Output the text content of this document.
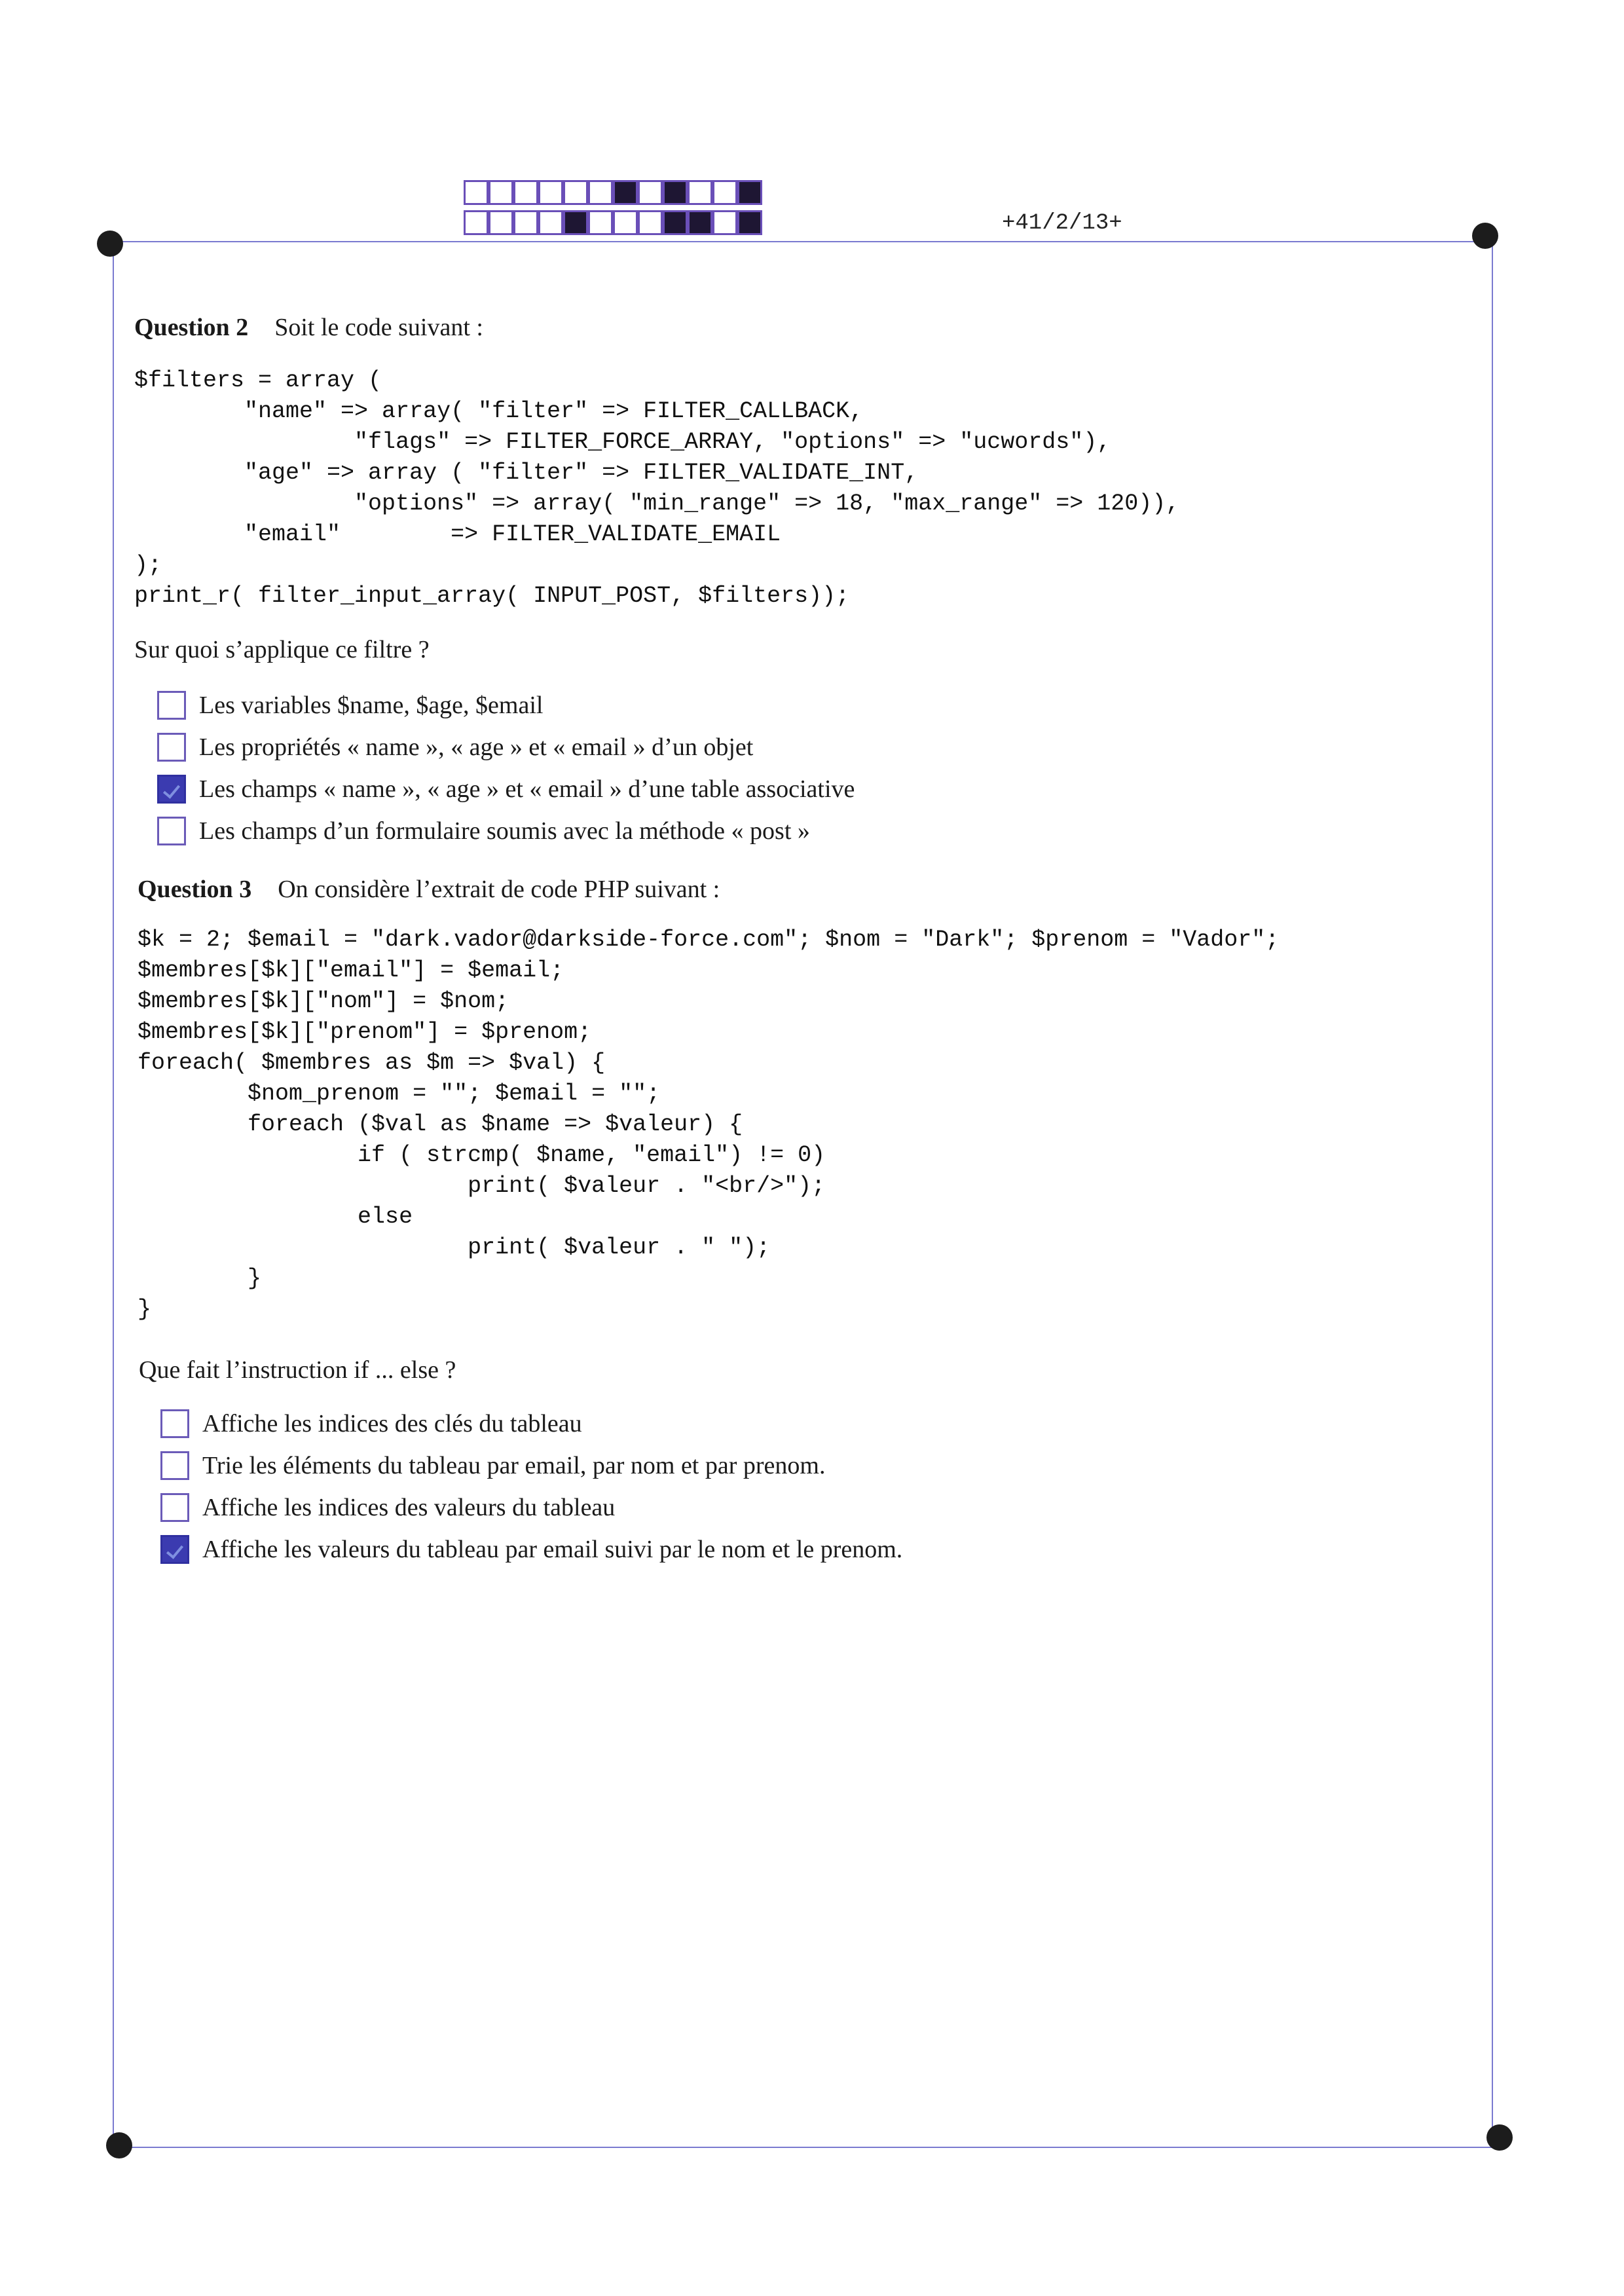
+41/2/13+
Question 2 Soit le code suivant :
$filters = array (
"name" => array( "filter" => FILTER_CALLBACK,
"flags" => FILTER_FORCE_ARRAY, "options" => "ucwords"),
"age" => array ( "filter" => FILTER_VALIDATE_INT,
"options" => array( "min_range" => 18, "max_range" => 120)),
"email"        => FILTER_VALIDATE_EMAIL
);
print_r( filter_input_array( INPUT_POST, $filters));
Sur quoi s’applique ce filtre ?
Les variables $name, $age, $email
Les propriétés « name », « age » et « email » d’un objet
Les champs « name », « age » et « email » d’une table associative
Les champs d’un formulaire soumis avec la méthode « post »
Question 3 On considère l’extrait de code PHP suivant :
$k = 2; $email = "dark.vador@darkside-force.com"; $nom = "Dark"; $prenom = "Vador";
$membres[$k]["email"] = $email;
$membres[$k]["nom"] = $nom;
$membres[$k]["prenom"] = $prenom;
foreach( $membres as $m => $val) {
$nom_prenom = ""; $email = "";
foreach ($val as $name => $valeur) {
if ( strcmp( $name, "email") != 0)
print( $valeur . "<br/>");
else
print( $valeur . " ");
}
}
Que fait l’instruction if ... else ?
Affiche les indices des clés du tableau
Trie les éléments du tableau par email, par nom et par prenom.
Affiche les indices des valeurs du tableau
Affiche les valeurs du tableau par email suivi par le nom et le prenom.
